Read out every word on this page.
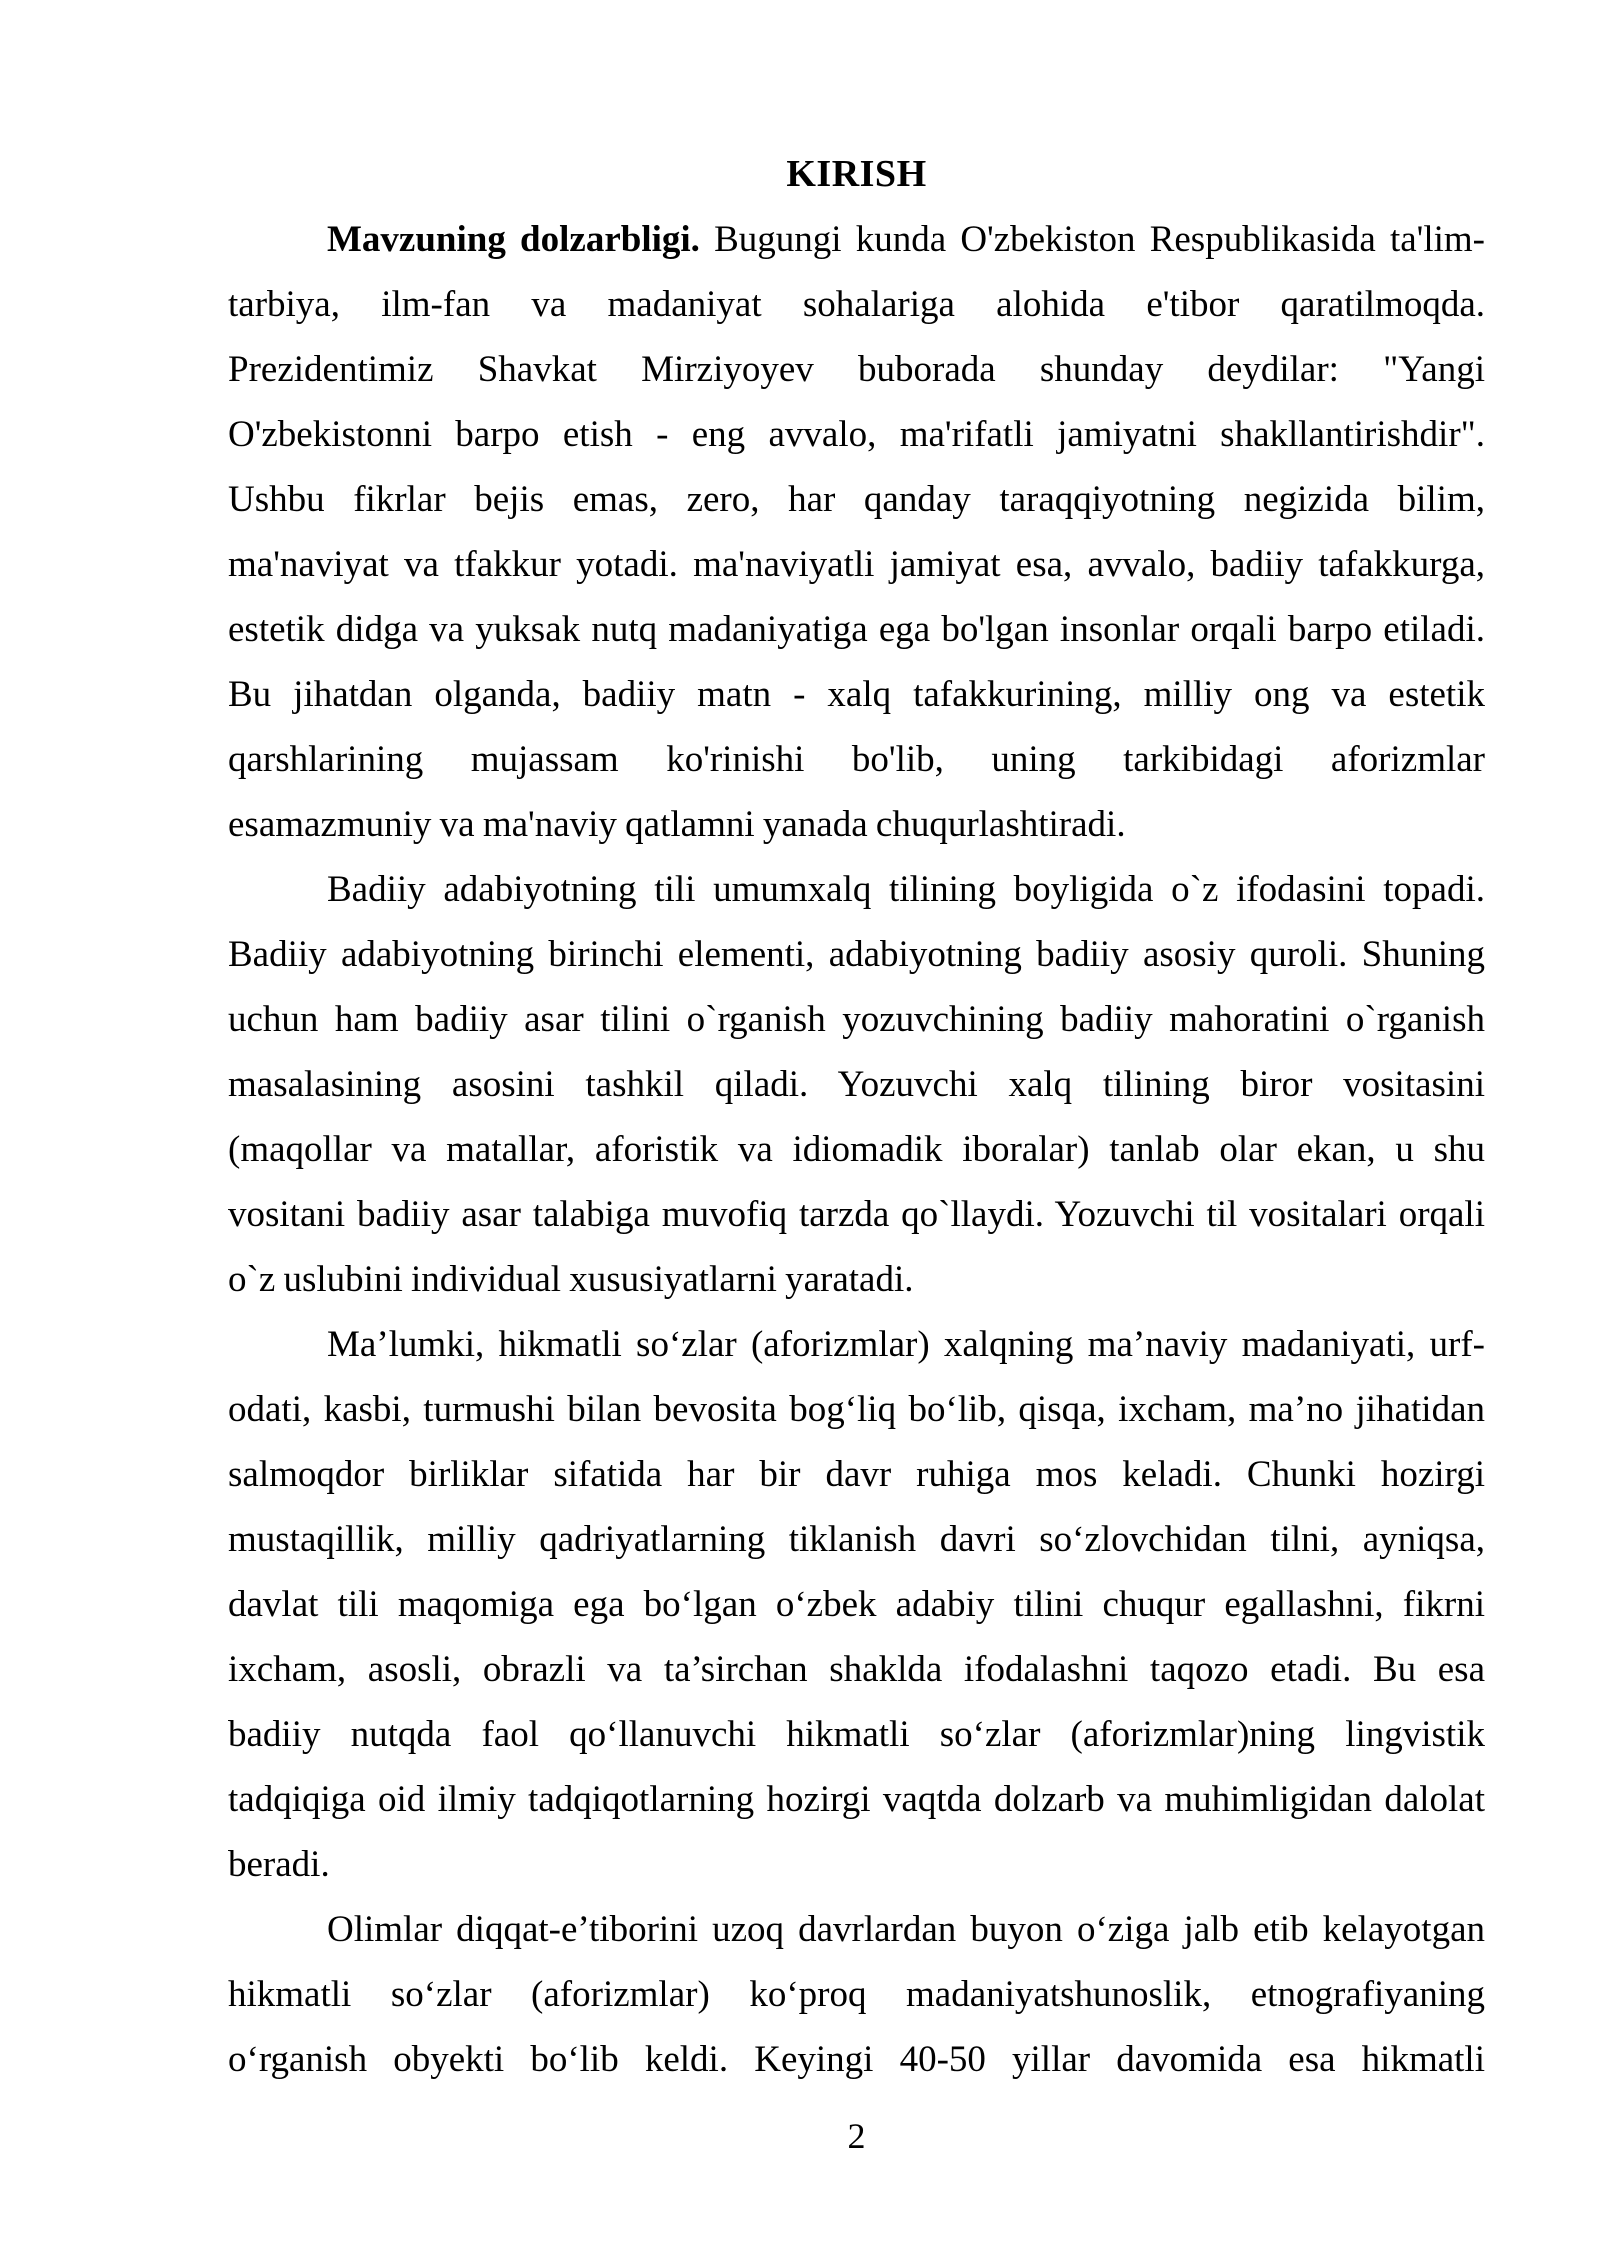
KIRISH
Mavzuning dolzarbligi. Bugungi kunda O'zbekiston Respublikasida ta'lim-
tarbiya, ilm-fan va madaniyat sohalariga alohida e'tibor qaratilmoqda.
Prezidentimiz Shavkat Mirziyoyev buborada shunday deydilar: "Yangi
O'zbekistonni barpo etish - eng avvalo, ma'rifatli jamiyatni shakllantirishdir".
Ushbu fikrlar bejis emas, zero, har qanday taraqqiyotning negizida bilim,
ma'naviyat va tfakkur yotadi. ma'naviyatli jamiyat esa, avvalo, badiiy tafakkurga,
estetik didga va yuksak nutq madaniyatiga ega bo'lgan insonlar orqali barpo etiladi.
Bu jihatdan olganda, badiiy matn - xalq tafakkurining, milliy ong va estetik
qarshlarining mujassam ko'rinishi bo'lib, uning tarkibidagi aforizmlar
esamazmuniy va ma'naviy qatlamni yanada chuqurlashtiradi.
Badiiy adabiyotning tili umumxalq tilining boyligida o`z ifodasini topadi.
Badiiy adabiyotning birinchi elementi, adabiyotning badiiy asosiy quroli. Shuning
uchun ham badiiy asar tilini o`rganish yozuvchining badiiy mahoratini o`rganish
masalasining asosini tashkil qiladi. Yozuvchi xalq tilining biror vositasini
(maqollar va matallar, aforistik va idiomadik iboralar) tanlab olar ekan, u shu
vositani badiiy asar talabiga muvofiq tarzda qo`llaydi. Yozuvchi til vositalari orqali
o`z uslubini individual xususiyatlarni yaratadi.
Ma’lumki, hikmatli so‘zlar (aforizmlar) xalqning ma’naviy madaniyati, urf-
odati, kasbi, turmushi bilan bevosita bog‘liq bo‘lib, qisqa, ixcham, ma’no jihatidan
salmoqdor birliklar sifatida har bir davr ruhiga mos keladi. Chunki hozirgi
mustaqillik, milliy qadriyatlarning tiklanish davri so‘zlovchidan tilni, ayniqsa,
davlat tili maqomiga ega bo‘lgan o‘zbek adabiy tilini chuqur egallashni, fikrni
ixcham, asosli, obrazli va ta’sirchan shaklda ifodalashni taqozo etadi. Bu esa
badiiy nutqda faol qo‘llanuvchi hikmatli so‘zlar (aforizmlar)ning lingvistik
tadqiqiga oid ilmiy tadqiqotlarning hozirgi vaqtda dolzarb va muhimligidan dalolat
beradi.
Olimlar diqqat-e’tiborini uzoq davrlardan buyon o‘ziga jalb etib kelayotgan
hikmatli so‘zlar (aforizmlar) ko‘proq madaniyatshunoslik, etnografiyaning
o‘rganish obyekti bo‘lib keldi. Keyingi 40-50 yillar davomida esa hikmatli
2
